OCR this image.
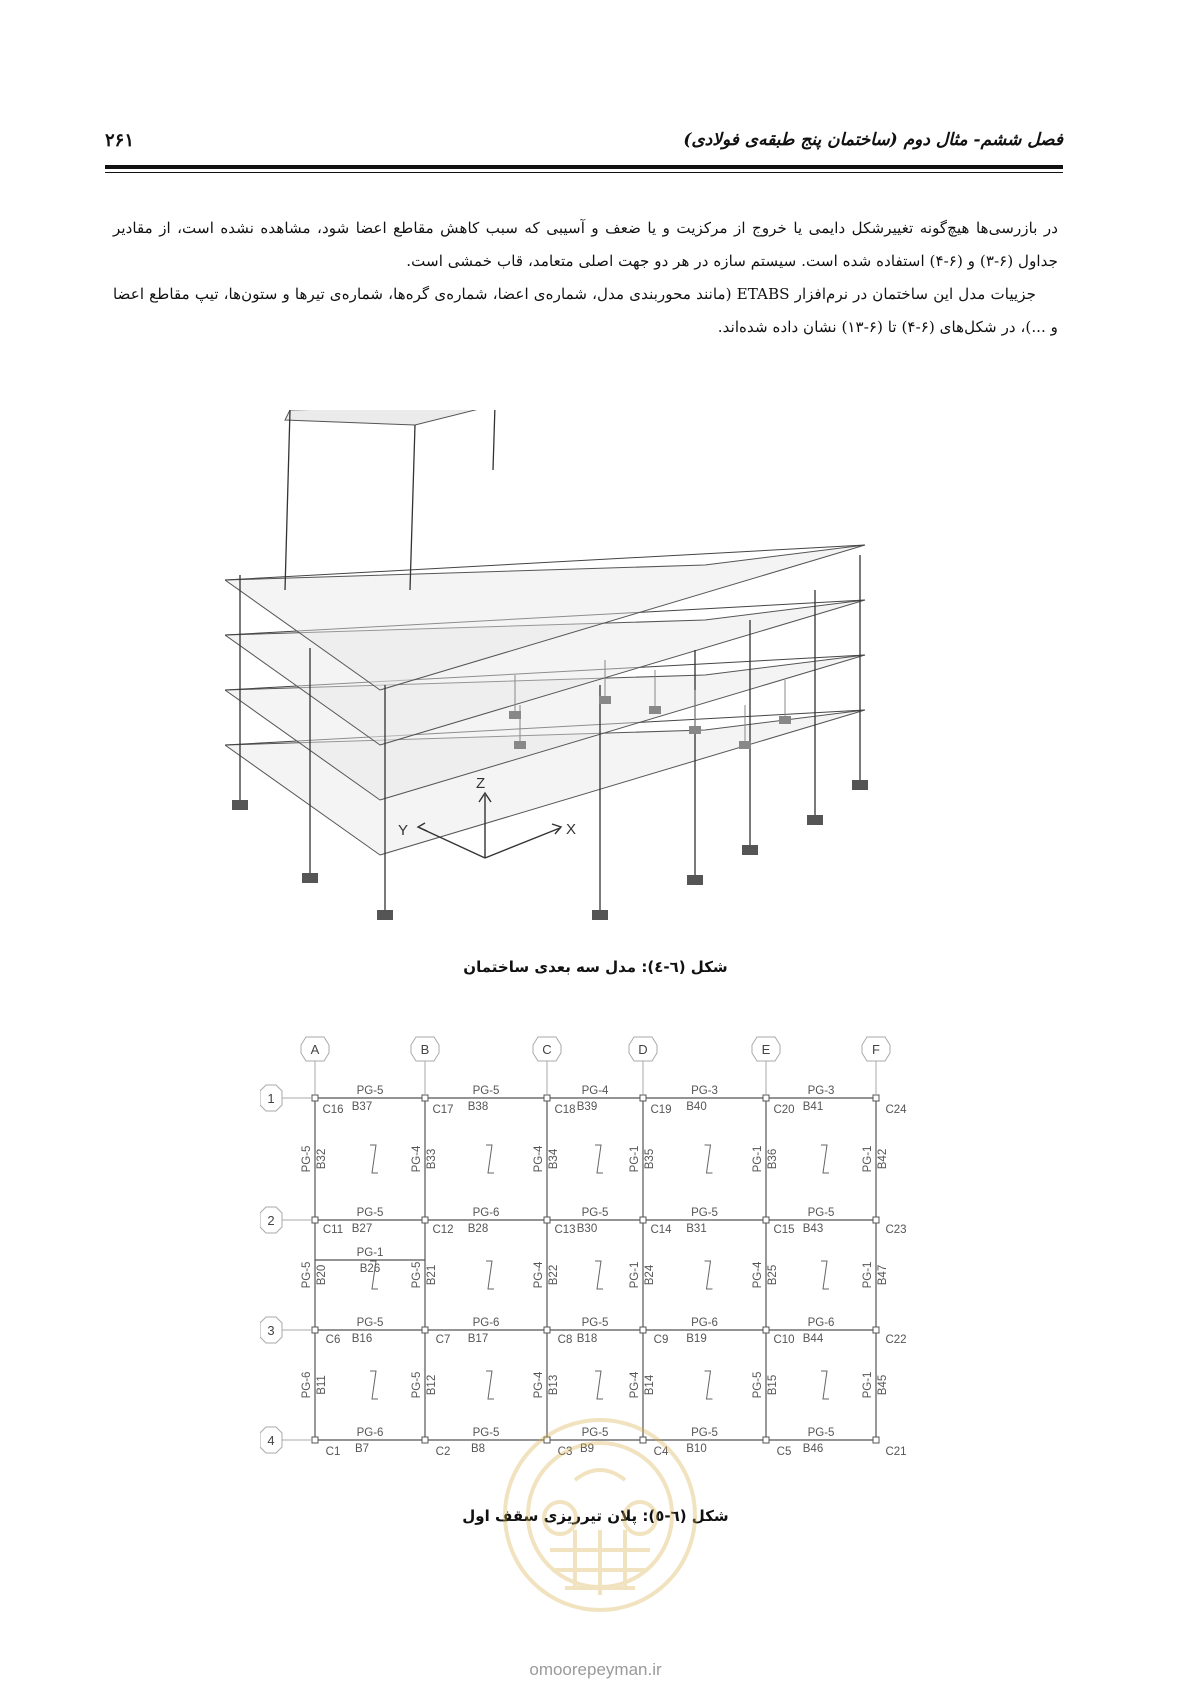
فصل ششم- مثال دوم (ساختمان پنج طبقه‌ی فولادی)
۲۶۱

در بازرسی‌ها هیچ‌گونه تغییرشکل دایمی یا خروج از مرکزیت و یا ضعف و آسیبی که سبب کاهش مقاطع اعضا شود، مشاهده نشده است، از مقادیر جداول (۶-۳) و (۶-۴) استفاده شده است. سیستم سازه در هر دو جهت اصلی متعامد، قاب خمشی است.

جزییات مدل این ساختمان در نرم‌افزار ETABS (مانند محوربندی مدل، شماره‌ی اعضا، شماره‌ی گره‌ها، شماره‌ی تیرها و ستون‌ها، تیپ مقاطع اعضا و ...)، در شکل‌های (۶-۴) تا (۶-۱۳) نشان داده شده‌اند.

Z
Y	X
شکل (٦-٤): مدل سه بعدی ساختمان
A	B	C	D	E	F
1
2
3
4
PG-5
B37
PG-5
B38
PG-4
B39
PG-3
B40
PG-3
B41
PG-5
B27
PG-6
B28
PG-5
B30
PG-5
B31
PG-5
B43
PG-5
B16
PG-6
B17
PG-5
B18
PG-6
B19
PG-6
B44
PG-6
B7
PG-5
B8
PG-5
B9
PG-5
B10
PG-5
B46
PG-5 B32	PG-4 B33	PG-4 B34	PG-1 B35	PG-1 B36	PG-1 B42
PG-5 B20	PG-5 B21	PG-4 B22	PG-1 B24	PG-4 B25	PG-1 B47
PG-6 B11	PG-5 B12	PG-4 B13	PG-4 B14	PG-5 B15	PG-1 B45
C16	C17	C18	C19	C20	C24
C11	C12	C13	C14	C15	C23
C6	C7	C8	C9	C10	C22
C1	C2	C3	C4	C5	C21
PG-1
B26
شکل (٦-٥): پلان تیرریزی سقف اول
omoorepeyman.ir
